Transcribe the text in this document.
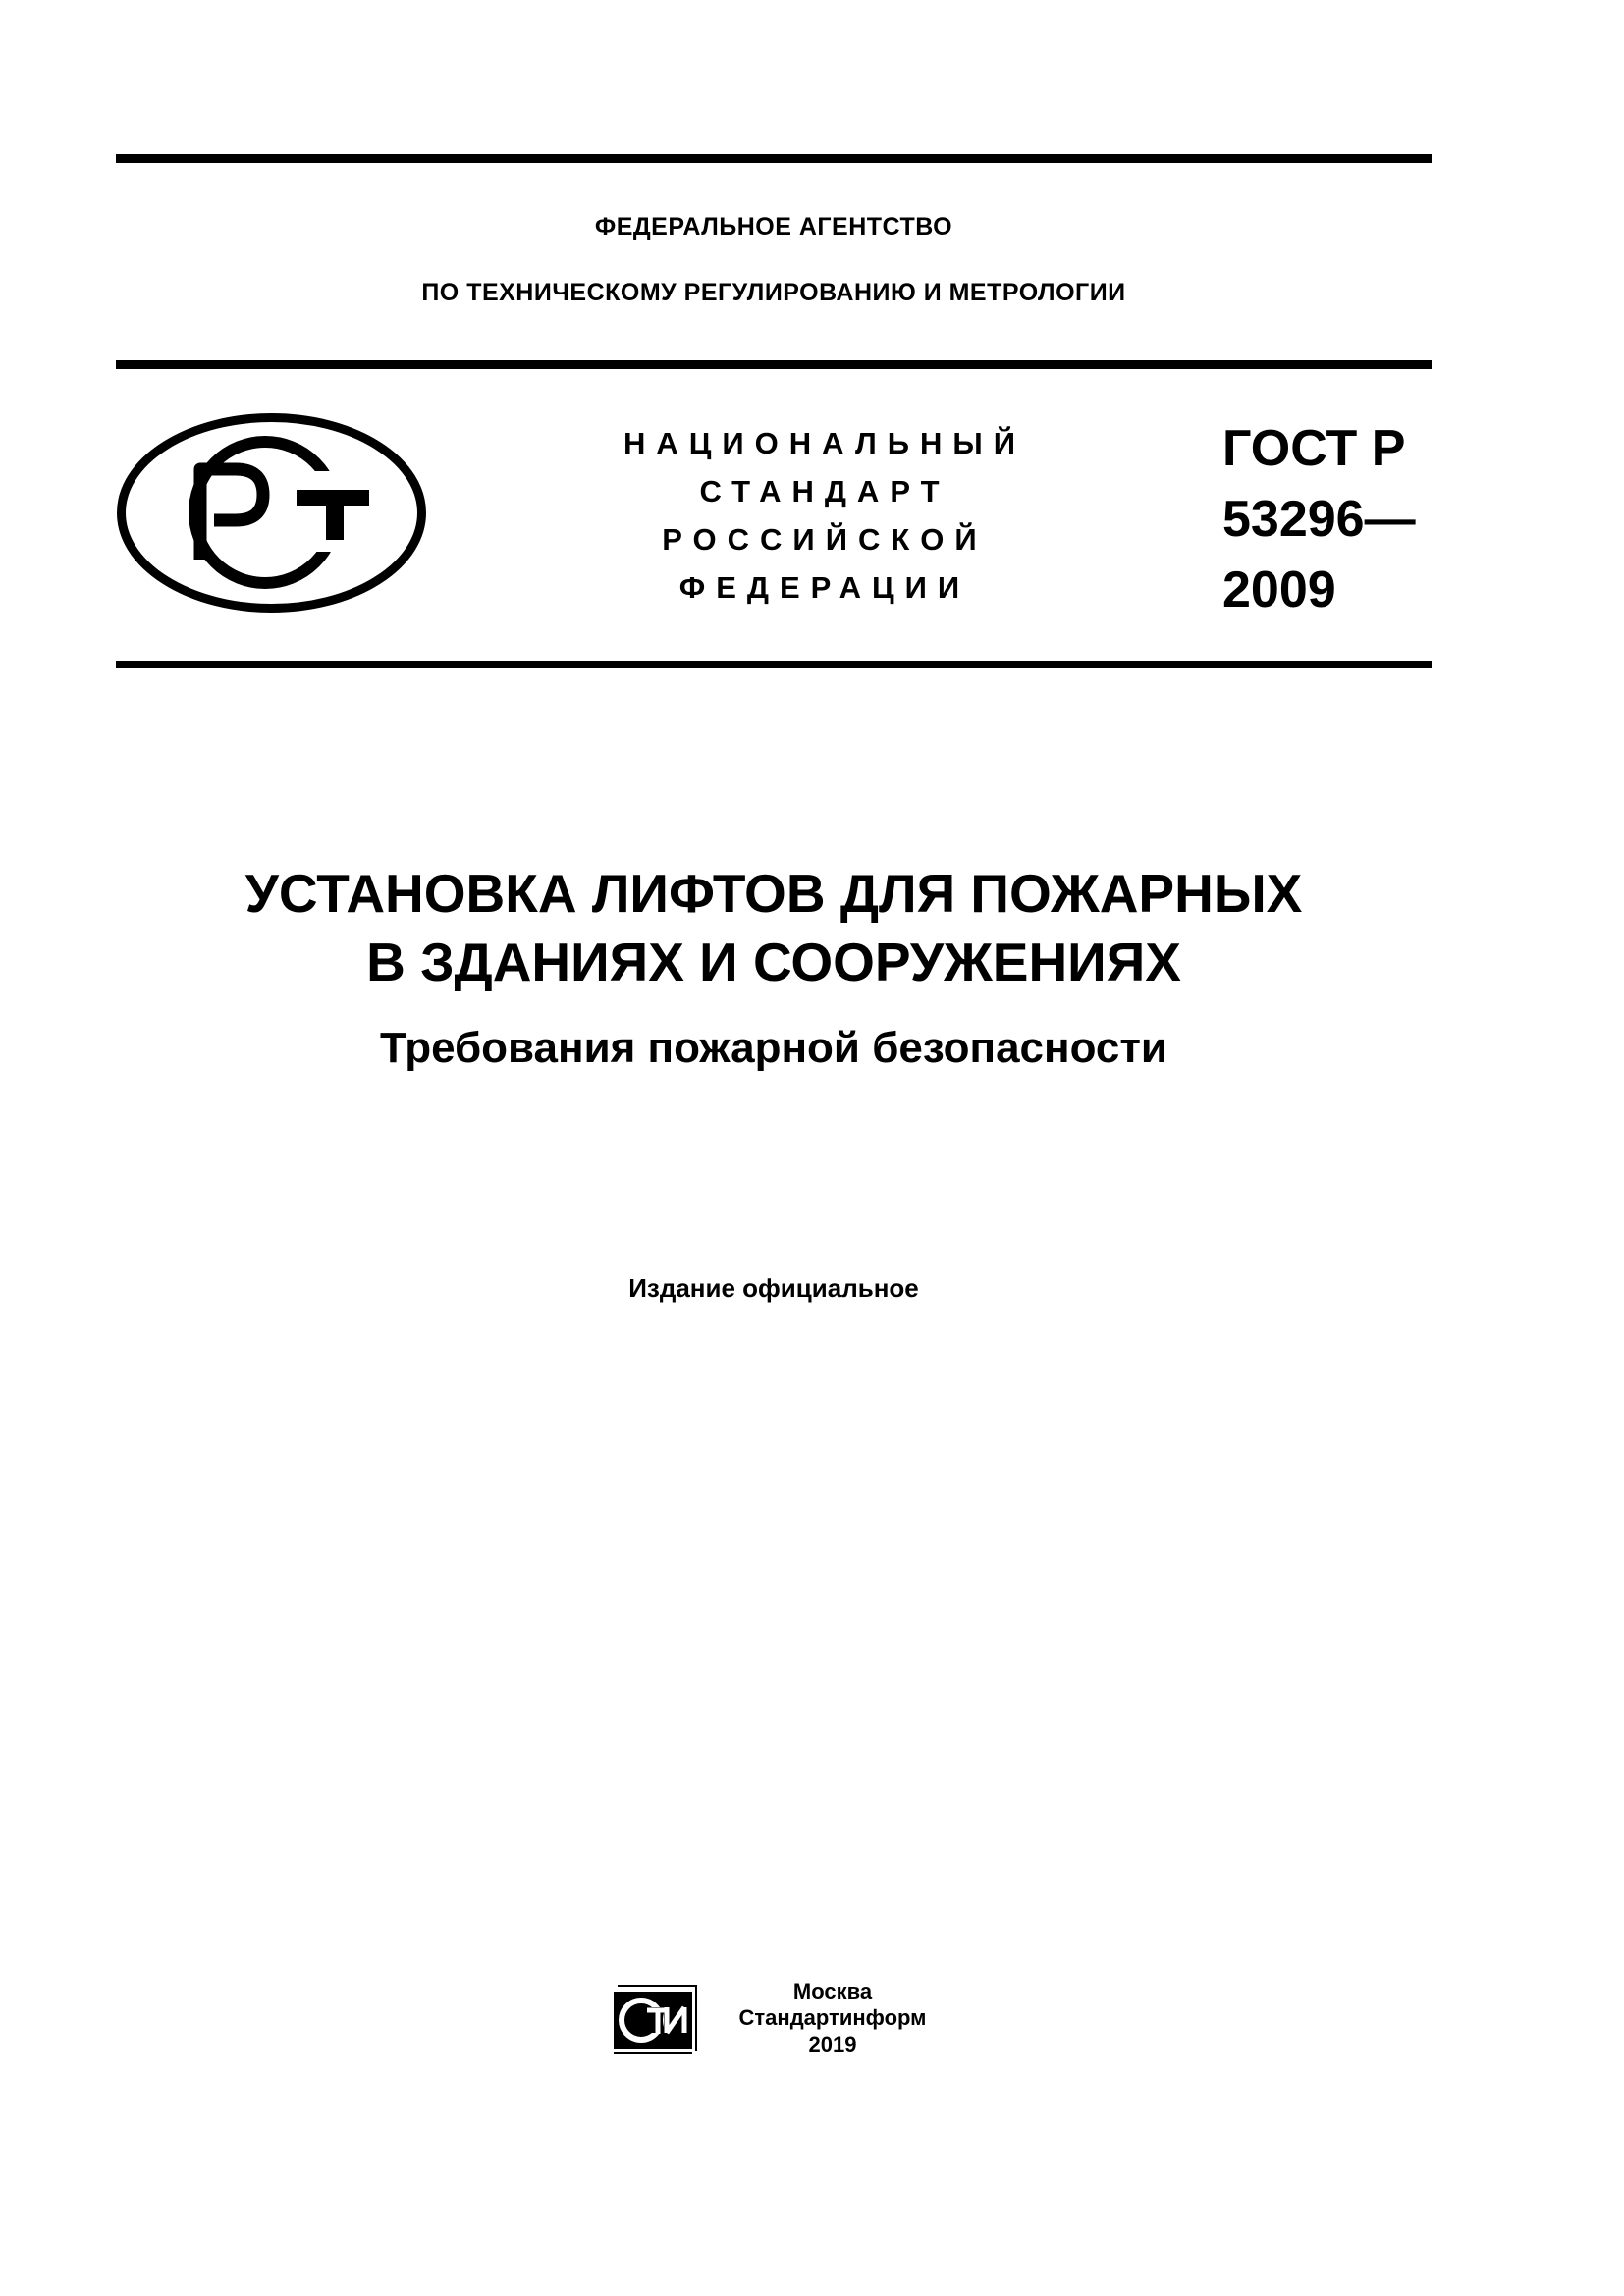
ФЕДЕРАЛЬНОЕ АГЕНТСТВО
ПО ТЕХНИЧЕСКОМУ РЕГУЛИРОВАНИЮ И МЕТРОЛОГИИ
НАЦИОНАЛЬНЫЙ
СТАНДАРТ
РОССИЙСКОЙ
ФЕДЕРАЦИИ
ГОСТ Р
53296—
2009
УСТАНОВКА ЛИФТОВ ДЛЯ ПОЖАРНЫХ
В ЗДАНИЯХ И СООРУЖЕНИЯХ
Требования пожарной безопасности
Издание официальное
Москва
Стандартинформ
2019
